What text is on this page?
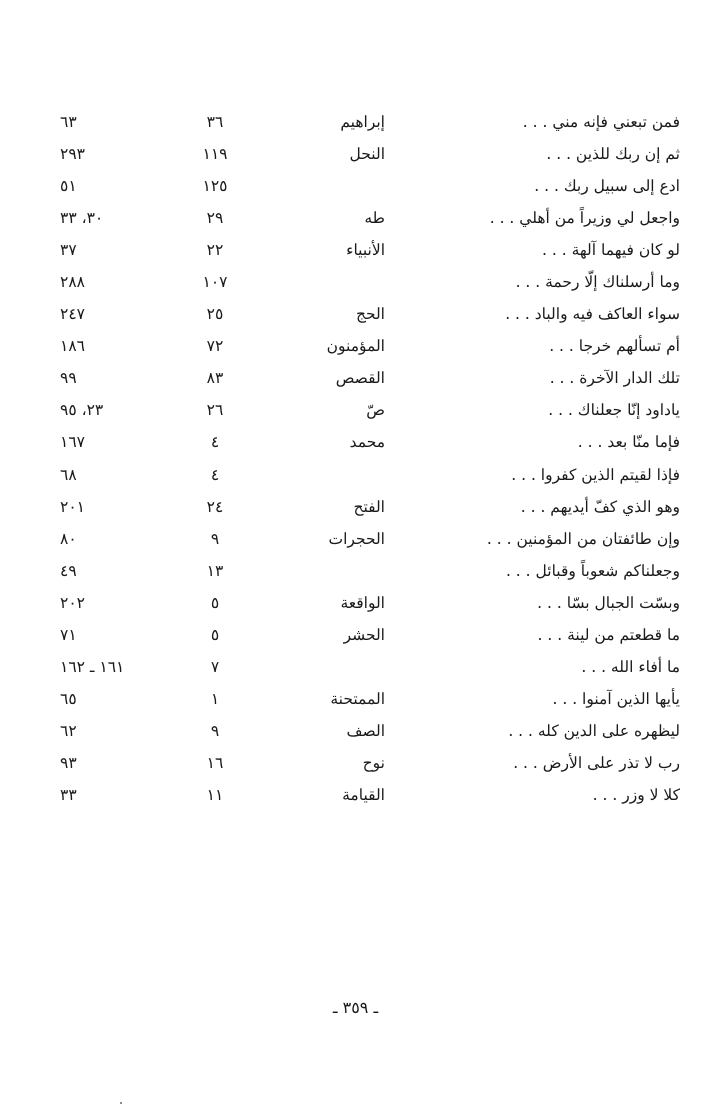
فمن تبعني فإنه مني . . .
إبراهيم
٣٦
٦٣
ثم إن ربك للذين . . .
النحل
١١٩
٢٩٣
ادع إلى سبيل ربك . . .
١٢٥
٥١
واجعل لي وزيراً من أهلي . . .
طه
٢٩
٣٠، ٣٣
لو كان فيهما آلهة . . .
الأنبياء
٢٢
٣٧
وما أرسلناك إلّا رحمة . . .
١٠٧
٢٨٨
سواء العاكف فيه والباد . . .
الحج
٢٥
٢٤٧
أم تسألهم خرجا . . .
المؤمنون
٧٢
١٨٦
تلك الدار الآخرة . . .
القصص
٨٣
٩٩
ياداود إنّا جعلناك . . .
صّ
٢٦
٢٣، ٩٥
فإما منّا بعد . . .
محمد
٤
١٦٧
فإذا لقيتم الذين كفروا . . .
٤
٦٨
وهو الذي كفّ أيديهم . . .
الفتح
٢٤
٢٠١
وإن طائفتان من المؤمنين . . .
الحجرات
٩
٨٠
وجعلناكم شعوباً وقبائل . . .
١٣
٤٩
وبسّت الجبال بسّا . . .
الواقعة
٥
٢٠٢
ما قطعتم من لينة . . .
الحشر
٥
٧١
ما أفاء الله . . .
٧
١٦١ ـ ١٦٢
يأيها الذين آمنوا . . .
الممتحنة
١
٦٥
ليظهره على الدين كله . . .
الصف
٩
٦٢
رب لا تذر على الأرض . . .
نوح
١٦
٩٣
كلا لا وزر . . .
القيامة
١١
٣٣
ـ ٣٥٩ ـ
